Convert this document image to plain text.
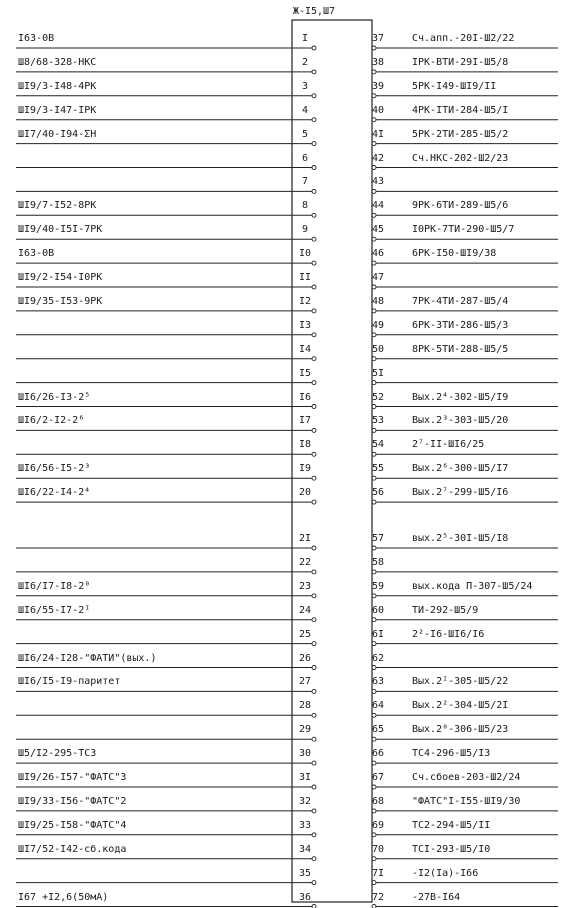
Ж-I5,Ш7
I63-0В	I	37	Сч.апп.-20I-Ш2/22
Ш8/68-328-НКС	2	38	IРК-ВТИ-29I-Ш5/8
ШI9/3-I48-4РК	3	39	5РК-I49-ШI9/II
ШI9/3-I47-IРК	4	40	4РК-IТИ-284-Ш5/I
ШI7/40-I94-ΣН	5	4I	5РК-2ТИ-285-Ш5/2
6	42	Сч.НКС-202-Ш2/23
7	43
ШI9/7-I52-8РК	8	44	9РК-6ТИ-289-Ш5/6
ШI9/40-I5I-7РК	9	45	I0РК-7ТИ-290-Ш5/7
I63-0В	I0	46	6РК-I50-ШI9/38
ШI9/2-I54-I0РК	II	47
ШI9/35-I53-9РК	I2	48	7РК-4ТИ-287-Ш5/4
I3	49	6РК-3ТИ-286-Ш5/3
I4	50	8РК-5ТИ-288-Ш5/5
I5	5I
ШI6/26-I3-2⁵	I6	52	Вых.2⁴-302-Ш5/I9
ШI6/2-I2-2⁶	I7	53	Вых.2³-303-Ш5/20
I8	54	2⁷-II-ШI6/25
ШI6/56-I5-2³	I9	55	Вых.2⁶-300-Ш5/I7
ШI6/22-I4-2⁴	20	56	Вых.2⁷-299-Ш5/I6
2I	57	вых.2⁵-30I-Ш5/I8
22	58
ШI6/I7-I8-2⁰	23	59	вых.кода П-307-Ш5/24
ШI6/55-I7-2ᴵ	24	60	ТИ-292-Ш5/9
25	6I	2²-I6-ШI6/I6
ШI6/24-I28-"ФАТИ"(вых.)	26	62
ШI6/I5-I9-паритет	27	63	Вых.2ᴵ-305-Ш5/22
28	64	Вых.2²-304-Ш5/2I
29	65	Вых.2⁰-306-Ш5/23
Ш5/I2-295-ТС3	30	66	ТС4-296-Ш5/I3
ШI9/26-I57-"ФАТС"3	3I	67	Сч.сбоев-203-Ш2/24
ШI9/33-I56-"ФАТС"2	32	68	"ФАТС"I-I55-ШI9/30
ШI9/25-I58-"ФАТС"4	33	69	ТС2-294-Ш5/II
ШI7/52-I42-сб.кода	34	70	ТСI-293-Ш5/I0
35	7I	-I2(Iа)-I66
I67 +I2,6(50мА)	36	72	-27В-I64
